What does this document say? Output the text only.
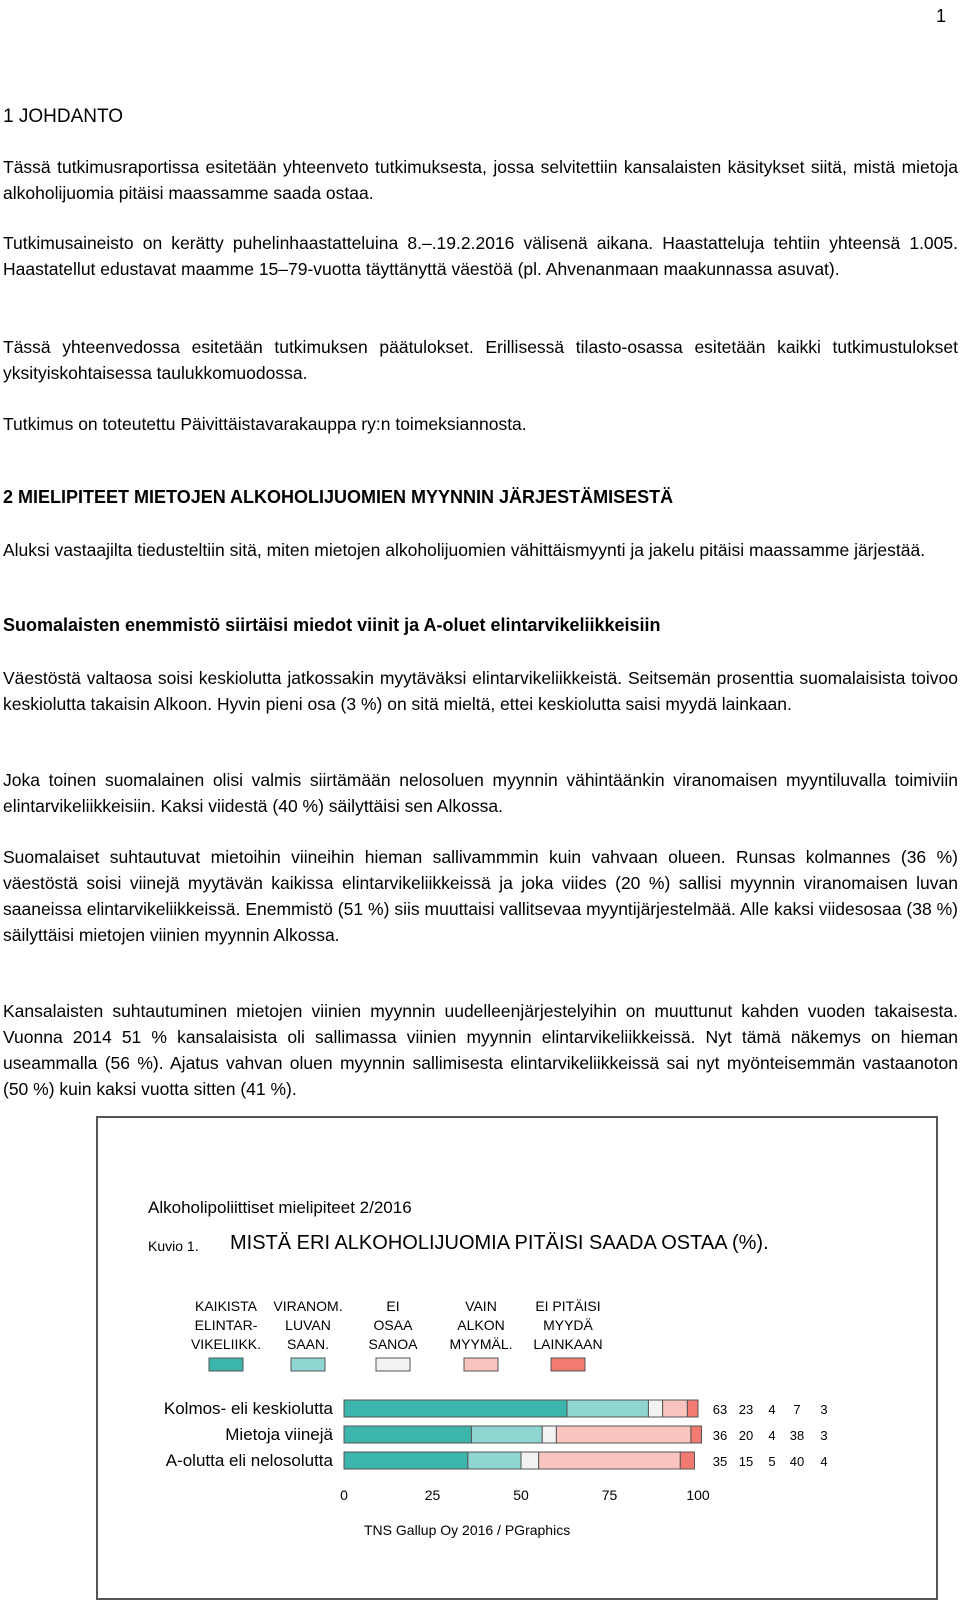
1
1 JOHDANTO

Tässä tutkimusraportissa esitetään yhteenveto tutkimuksesta, jossa selvitettiin kansalaisten käsitykset siitä, mistä mietoja alkoholijuomia pitäisi maassamme saada ostaa.

Tutkimusaineisto on kerätty puhelinhaastatteluina 8.–.19.2.2016 välisenä aikana. Haastatteluja tehtiin yhteensä 1.005. Haastatellut edustavat maamme 15–79-vuotta täyttänyttä väestöä (pl. Ahvenanmaan maakunnassa asuvat).

Tässä yhteenvedossa esitetään tutkimuksen päätulokset. Erillisessä tilasto-osassa esitetään kaikki tutkimustulokset yksityiskohtaisessa taulukkomuodossa.

Tutkimus on toteutettu Päivittäistavarakauppa ry:n toimeksiannosta.

2 MIELIPITEET MIETOJEN ALKOHOLIJUOMIEN MYYNNIN JÄRJESTÄMISESTÄ

Aluksi vastaajilta tiedusteltiin sitä, miten mietojen alkoholijuomien vähittäismyynti ja jakelu pitäisi maassamme järjestää.

Suomalaisten enemmistö siirtäisi miedot viinit ja A-oluet elintarvikeliikkeisiin

Väestöstä valtaosa soisi keskiolutta jatkossakin myytäväksi elintarvikeliikkeistä. Seitsemän prosenttia suomalaisista toivoo keskiolutta takaisin Alkoon. Hyvin pieni osa (3 %) on sitä mieltä, ettei keskiolutta saisi myydä lainkaan.

Joka toinen suomalainen olisi valmis siirtämään nelosoluen myynnin vähintäänkin viranomaisen myyntiluvalla toimiviin elintarvikeliikkeisiin. Kaksi viidestä (40 %) säilyttäisi sen Alkossa.

Suomalaiset suhtautuvat mietoihin viineihin hieman sallivammmin kuin vahvaan olueen. Runsas kolmannes (36 %) väestöstä soisi viinejä myytävän kaikissa elintarvikeliikkeissä ja joka viides (20 %) sallisi myynnin viranomaisen luvan saaneissa elintarvikeliikkeissä. Enemmistö (51 %) siis muuttaisi vallitsevaa myyntijärjestelmää. Alle kaksi viidesosaa (38 %) säilyttäisi mietojen viinien myynnin Alkossa.

Kansalaisten suhtautuminen mietojen viinien myynnin uudelleenjärjestelyihin on muuttunut kahden vuoden takaisesta. Vuonna 2014 51 % kansalaisista oli sallimassa viinien myynnin elintarvikeliikkeissä. Nyt tämä näkemys on hieman useammalla (56 %). Ajatus vahvan oluen myynnin sallimisesta elintarvikeliikkeissä sai nyt myönteisemmän vastaanoton (50 %) kuin kaksi vuotta sitten (41 %).

Alkoholipoliittiset mielipiteet 2/2016
Kuvio 1. MISTÄ ERI ALKOHOLIJUOMIA PITÄISI SAADA OSTAA (%).
KAIKISTA
ELINTAR-
VIKELIIKK.
VIRANOM.
LUVAN
SAAN.
EI
OSAA
SANOA
VAIN
ALKON
MYYMÄL.
EI PITÄISI
MYYDÄ
LAINKAAN
Kolmos- eli keskiolutta	63 23 4 7 3
Mietoja viinejä	36 20 4 38 3
A-olutta eli nelosolutta	35 15 5 40 4
0	25	50	75	100
TNS Gallup Oy 2016 / PGraphics
